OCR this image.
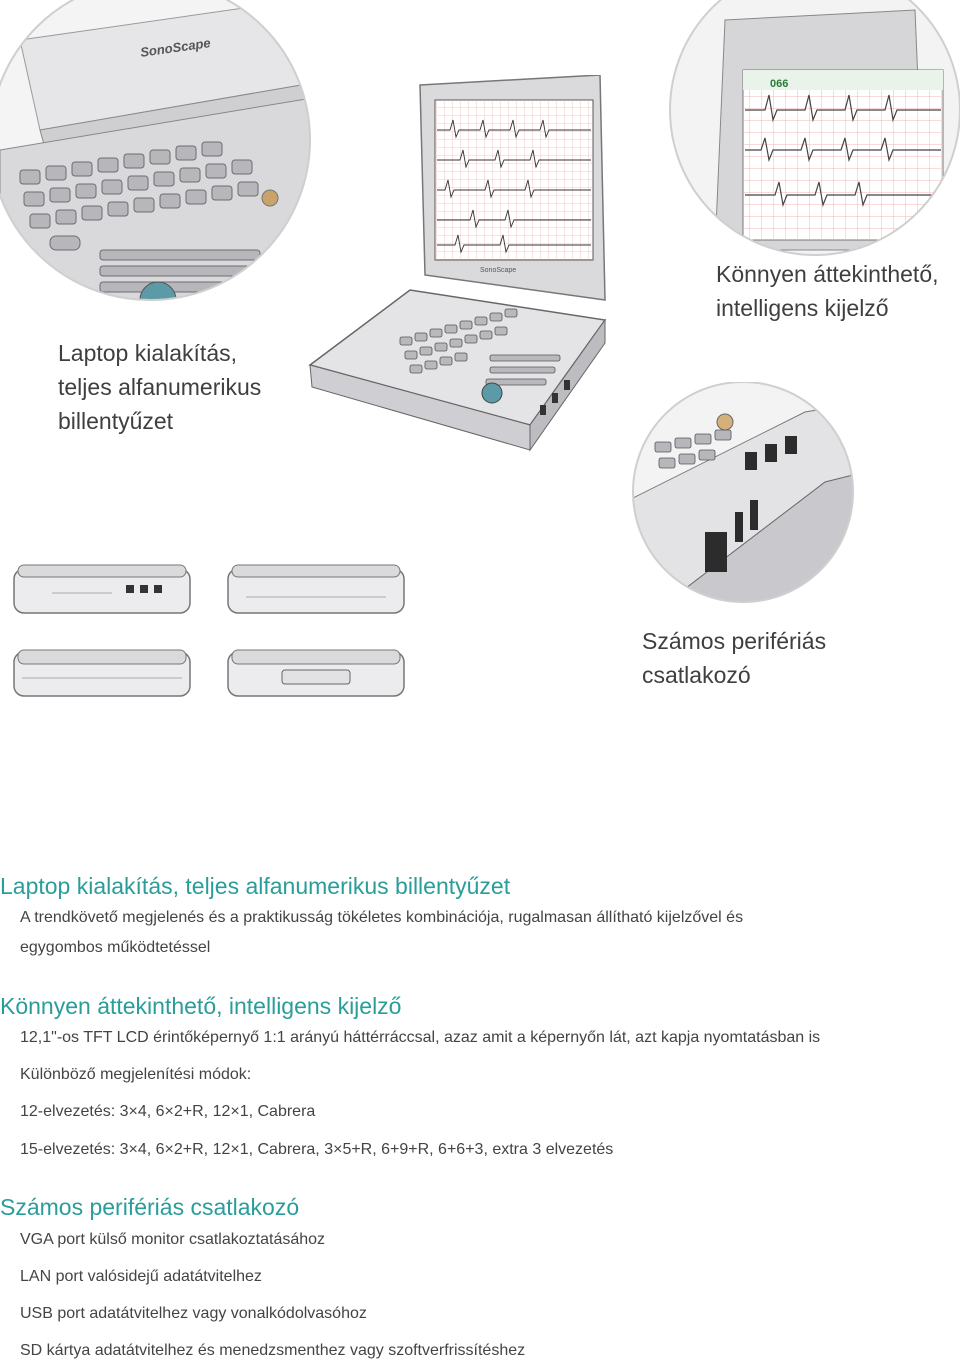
SonoScape
066
SonoScape
Laptop kialakítás,
teljes alfanumerikus
billentyűzet
Könnyen áttekinthető,
intelligens kijelző
Számos perifériás
csatlakozó
Laptop kialakítás, teljes alfanumerikus billentyűzet
A trendkövető megjelenés és a praktikusság tökéletes kombinációja, rugalmasan állítható kijelzővel és
egygombos működtetéssel
Könnyen áttekinthető, intelligens kijelző
12,1"-os TFT LCD érintőképernyő 1:1 arányú háttérráccsal, azaz amit a képernyőn lát, azt kapja nyomtatásban is
Különböző megjelenítési módok:
12-elvezetés: 3×4, 6×2+R, 12×1, Cabrera
15-elvezetés: 3×4, 6×2+R, 12×1, Cabrera, 3×5+R, 6+9+R, 6+6+3, extra 3 elvezetés
Számos perifériás csatlakozó
VGA port külső monitor csatlakoztatásához
LAN port valósidejű adatátvitelhez
USB port adatátvitelhez vagy vonalkódolvasóhoz
SD kártya adatátvitelhez és menedzsmenthez vagy szoftverfrissítéshez
